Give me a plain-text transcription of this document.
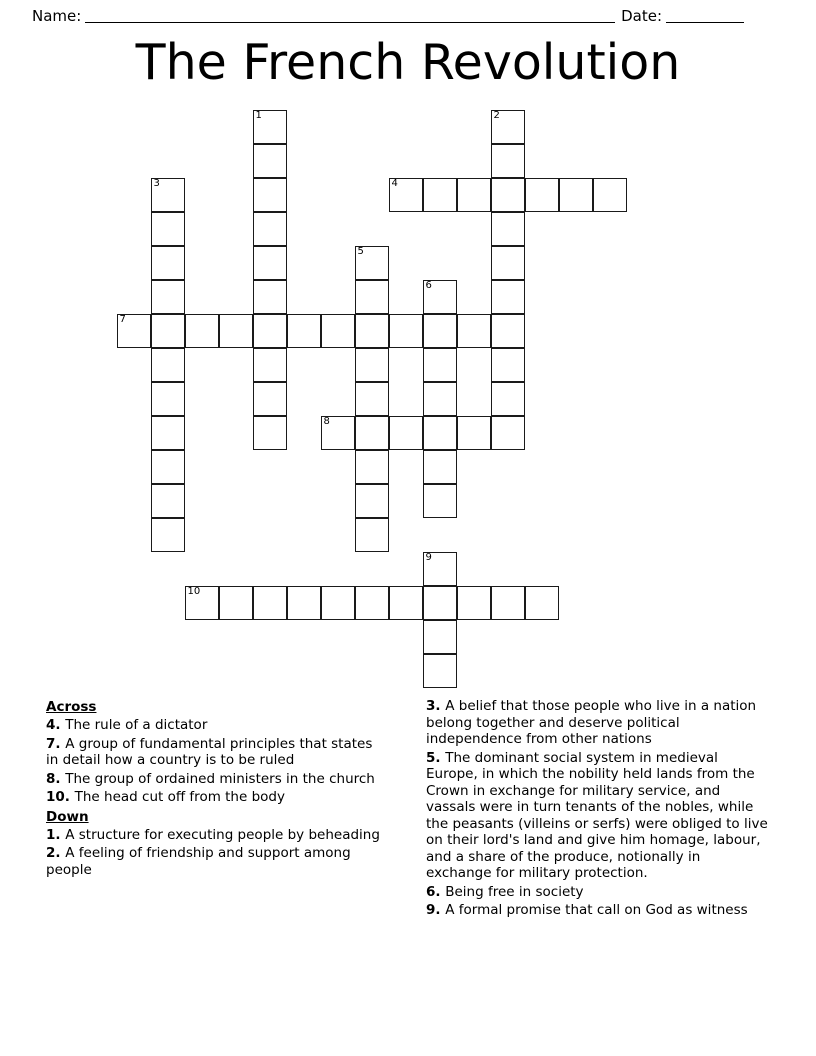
Name:	Date:
The French Revolution
1	2
3	4
5
6
7
8
9
10
Across

4. The rule of a dictator

7. A group of fundamental principles that states in detail how a country is to be ruled

8. The group of ordained ministers in the church

10. The head cut off from the body

Down

1. A structure for executing people by beheading

2. A feeling of friendship and support among people

3. A belief that those people who live in a nation belong together and deserve political independence from other nations

5. The dominant social system in medieval Europe, in which the nobility held lands from the Crown in exchange for military service, and vassals were in turn tenants of the nobles, while the peasants (villeins or serfs) were obliged to live on their lord's land and give him homage, labour, and a share of the produce, notionally in exchange for military protection.

6. Being free in society

9. A formal promise that call on God as witness
